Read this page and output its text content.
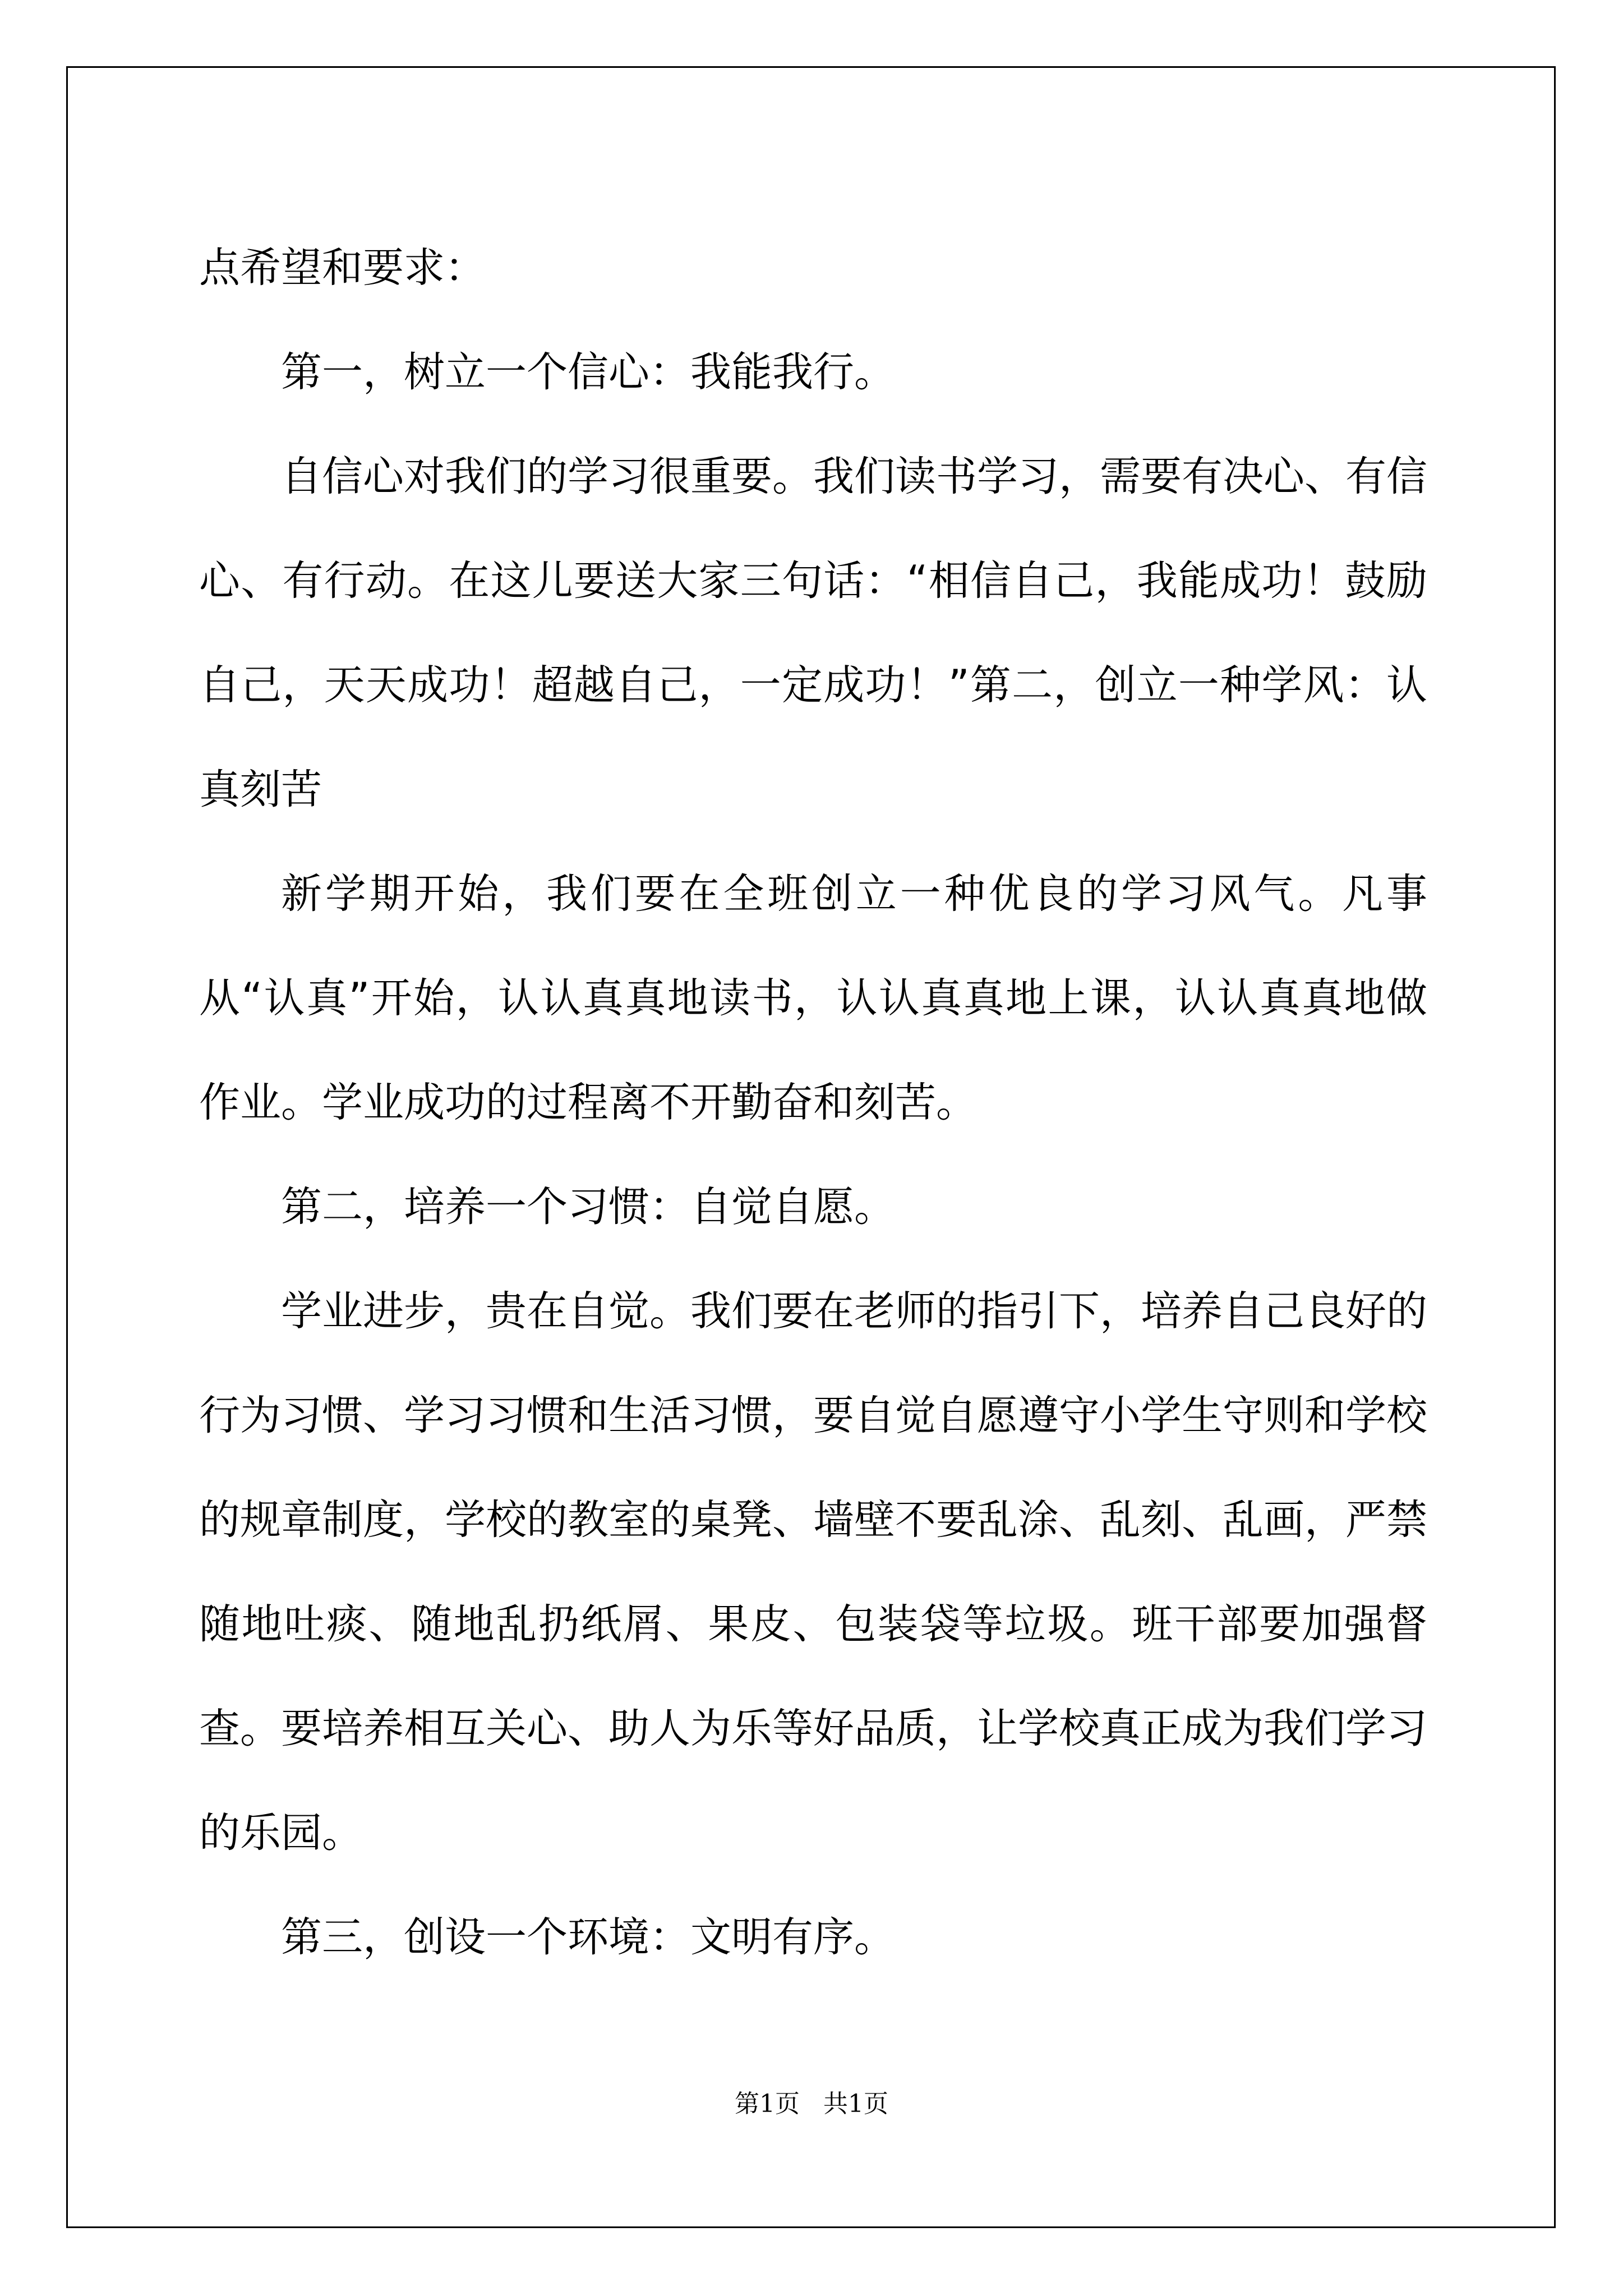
点希望和要求：

第一，树立一个信心：我能我行。

自信心对我们的学习很重要。我们读书学习，需要有决心、有信心、有行动。在这儿要送大家三句话：“相信自己，我能成功！鼓励自己，天天成功！超越自己，一定成功！”第二，创立一种学风：认真刻苦

新学期开始，我们要在全班创立一种优良的学习风气。凡事从“认真”开始，认认真真地读书，认认真真地上课，认认真真地做作业。学业成功的过程离不开勤奋和刻苦。

第二，培养一个习惯：自觉自愿。

学业进步，贵在自觉。我们要在老师的指引下，培养自己良好的行为习惯、学习习惯和生活习惯，要自觉自愿遵守小学生守则和学校的规章制度，学校的教室的桌凳、墙壁不要乱涂、乱刻、乱画，严禁随地吐痰、随地乱扔纸屑、果皮、包装袋等垃圾。班干部要加强督查。要培养相互关心、助人为乐等好品质，让学校真正成为我们学习的乐园。

第三，创设一个环境：文明有序。

第1页   共1页
